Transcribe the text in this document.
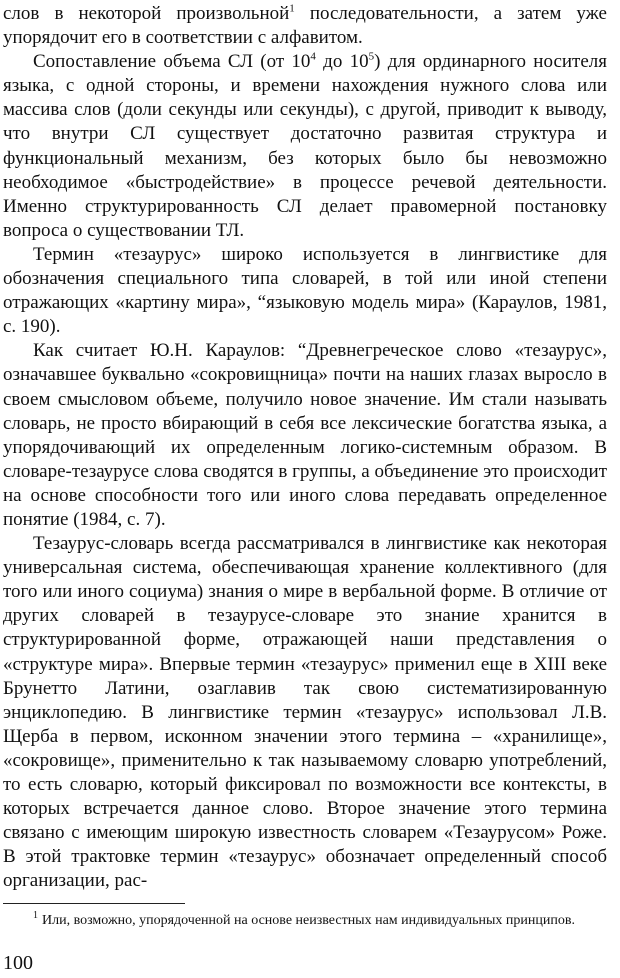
слов в некоторой произвольной$^1$ последовательности, а затем уже упорядочит его в соответствии с алфавитом.

Сопоставление объема СЛ (от $10^4$ до $10^5$) для ординарного носителя языка, с одной стороны, и времени нахождения нужного слова или массива слов (доли секунды или секунды), с другой, приводит к выводу, что внутри СЛ существует достаточно развитая структура и функциональный механизм, без которых было бы невозможно необходимое «быстродействие» в процессе речевой деятельности. Именно структурированность СЛ делает правомерной постановку вопроса о существовании ТЛ.

Термин «тезаурус» широко используется в лингвистике для обозначения специального типа словарей, в той или иной степени отражающих «картину мира», “языковую модель мира» (Караулов, 1981, с. 190).

Как считает Ю.Н. Караулов: “Древнегреческое слово «тезаурус», означавшее буквально «сокровищница» почти на наших глазах выросло в своем смысловом объеме, получило новое значение. Им стали называть словарь, не просто вбирающий в себя все лексические богатства языка, а упорядочивающий их определенным логико-системным образом. В словаре-тезаурусе слова сводятся в группы, а объединение это происходит на основе способности того или иного слова передавать определенное понятие (1984, с. 7).

Тезаурус-словарь всегда рассматривался в лингвистике как некоторая универсальная система, обеспечивающая хранение коллективного (для того или иного социума) знания о мире в вербальной форме. В отличие от других словарей в тезаурусе-словаре это знание хранится в структурированной форме, отражающей наши представления о «структуре мира». Впервые термин «тезаурус» применил еще в XIII веке Брунетто Латини, озаглавив так свою систематизированную энциклопедию. В лингвистике термин «тезаурус» использовал Л.В. Щерба в первом, исконном значении этого термина – «хранилище», «сокровище», применительно к так называемому словарю употреблений, то есть словарю, который фиксировал по возможности все контексты, в которых встречается данное слово. Второе значение этого термина связано с имеющим широкую известность словарем «Тезаурусом» Роже. В этой трактовке термин «тезаурус» обозначает определенный способ организации, рас-

$^1$ Или, возможно, упорядоченной на основе неизвестных нам индивидуальных принципов.
100
